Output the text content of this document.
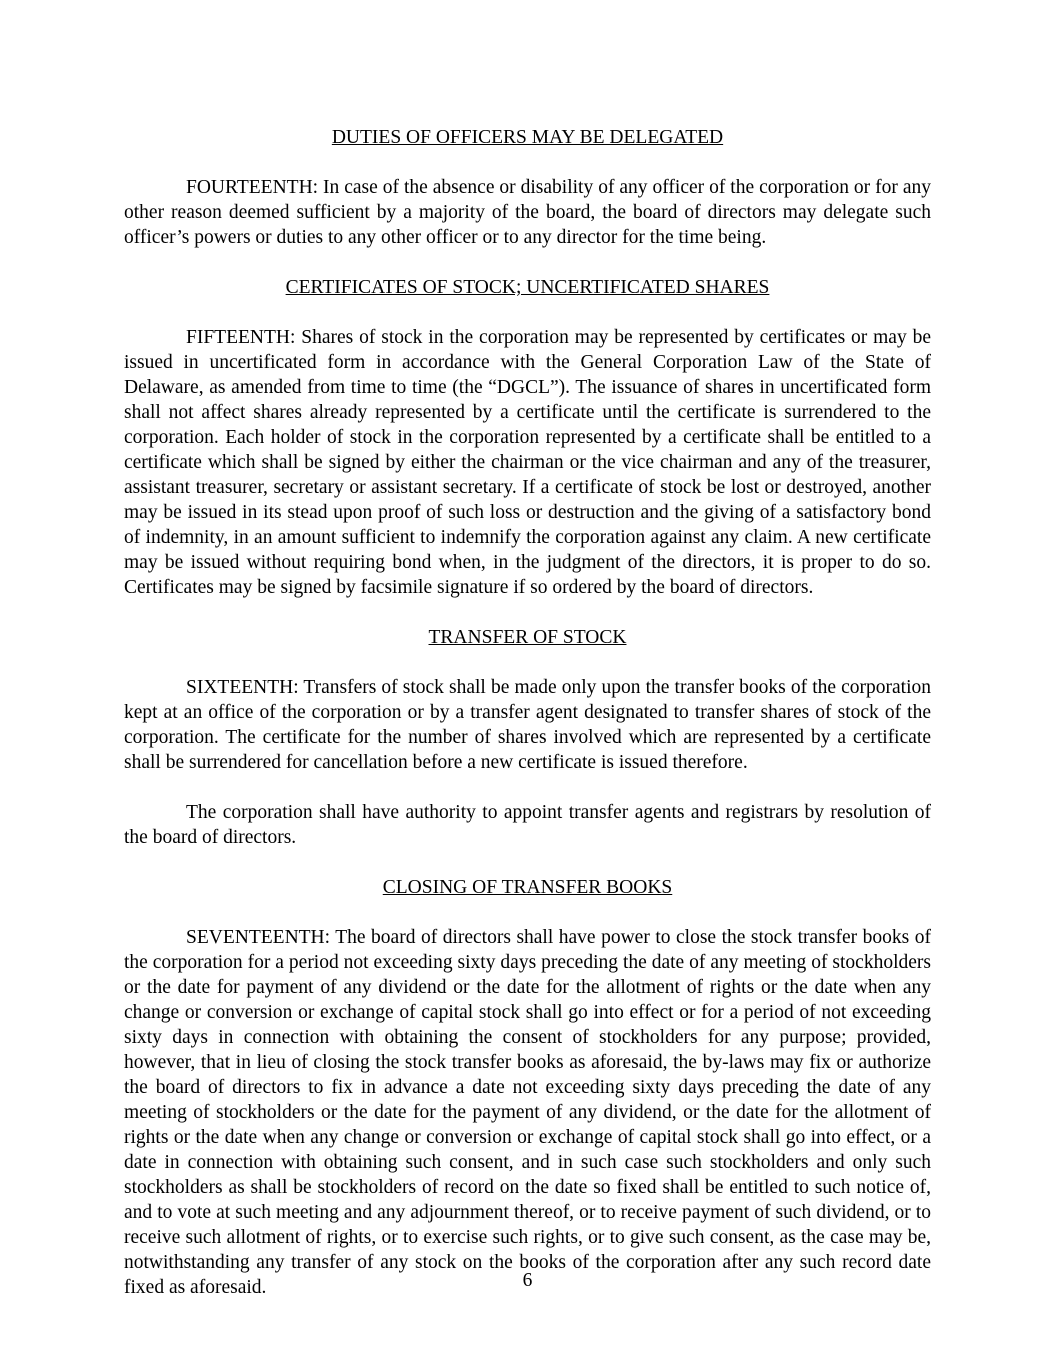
DUTIES OF OFFICERS MAY BE DELEGATED

FOURTEENTH: In case of the absence or disability of any officer of the corporation or for any other reason deemed sufficient by a majority of the board, the board of directors may delegate such officer’s powers or duties to any other officer or to any director for the time being.

CERTIFICATES OF STOCK; UNCERTIFICATED SHARES

FIFTEENTH: Shares of stock in the corporation may be represented by certificates or may be issued in uncertificated form in accordance with the General Corporation Law of the State of Delaware, as amended from time to time (the “DGCL”). The issuance of shares in uncertificated form shall not affect shares already represented by a certificate until the certificate is surrendered to the corporation. Each holder of stock in the corporation represented by a certificate shall be entitled to a certificate which shall be signed by either the chairman or the vice chairman and any of the treasurer, assistant treasurer, secretary or assistant secretary. If a certificate of stock be lost or destroyed, another may be issued in its stead upon proof of such loss or destruction and the giving of a satisfactory bond of indemnity, in an amount sufficient to indemnify the corporation against any claim. A new certificate may be issued without requiring bond when, in the judgment of the directors, it is proper to do so. Certificates may be signed by facsimile signature if so ordered by the board of directors.

TRANSFER OF STOCK

SIXTEENTH: Transfers of stock shall be made only upon the transfer books of the corporation kept at an office of the corporation or by a transfer agent designated to transfer shares of stock of the corporation. The certificate for the number of shares involved which are represented by a certificate shall be surrendered for cancellation before a new certificate is issued therefore.

The corporation shall have authority to appoint transfer agents and registrars by resolution of the board of directors.

CLOSING OF TRANSFER BOOKS

SEVENTEENTH: The board of directors shall have power to close the stock transfer books of the corporation for a period not exceeding sixty days preceding the date of any meeting of stockholders or the date for payment of any dividend or the date for the allotment of rights or the date when any change or conversion or exchange of capital stock shall go into effect or for a period of not exceeding sixty days in connection with obtaining the consent of stockholders for any purpose; provided, however, that in lieu of closing the stock transfer books as aforesaid, the by-laws may fix or authorize the board of directors to fix in advance a date not exceeding sixty days preceding the date of any meeting of stockholders or the date for the payment of any dividend, or the date for the allotment of rights or the date when any change or conversion or exchange of capital stock shall go into effect, or a date in connection with obtaining such consent, and in such case such stockholders and only such stockholders as shall be stockholders of record on the date so fixed shall be entitled to such notice of, and to vote at such meeting and any adjournment thereof, or to receive payment of such dividend, or to receive such allotment of rights, or to exercise such rights, or to give such consent, as the case may be, notwithstanding any transfer of any stock on the books of the corporation after any such record date fixed as aforesaid.	6
